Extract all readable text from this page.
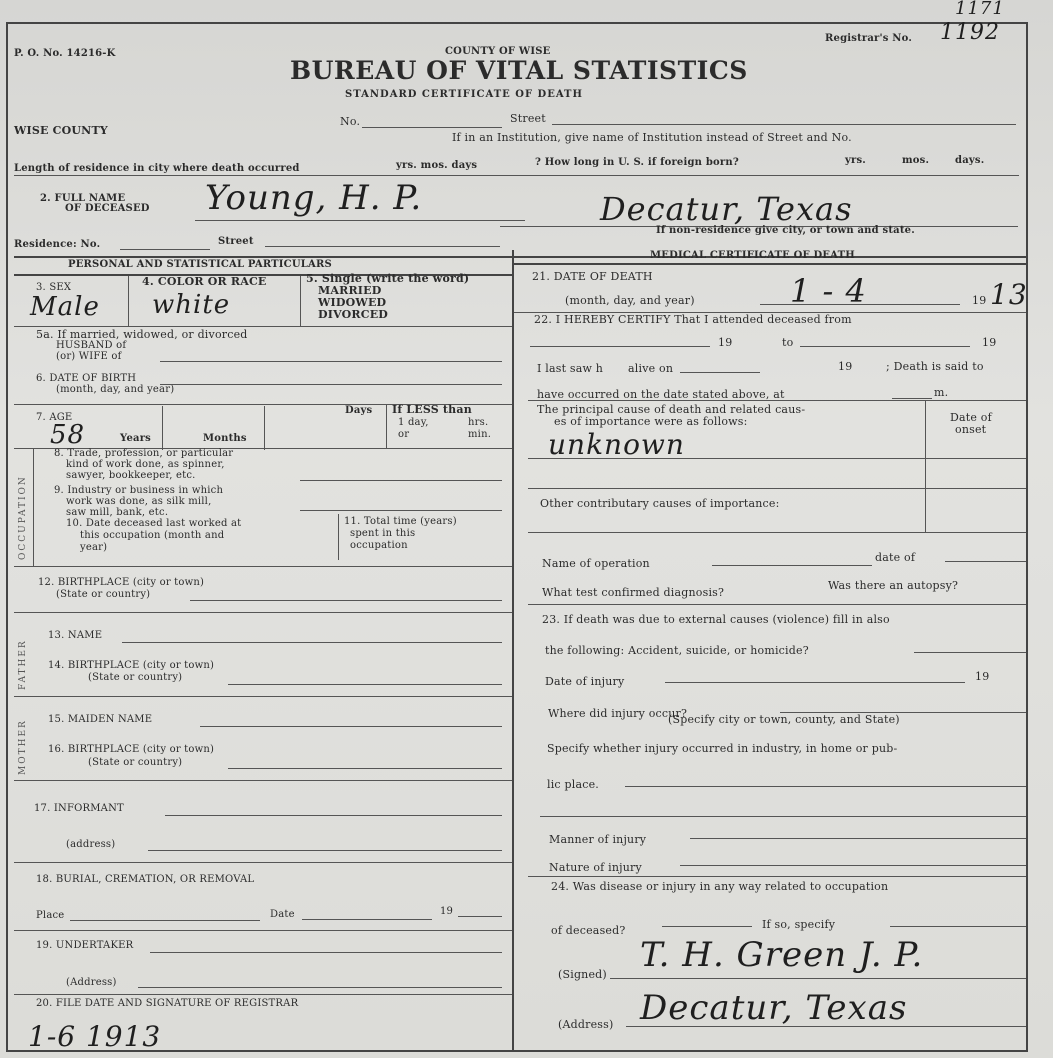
P. O. No. 14216-K
1171
Registrar's No. 1192
COUNTY OF WISE
BUREAU OF VITAL STATISTICS
STANDARD CERTIFICATE OF DEATH
WISE COUNTY
No.	Street
If in an Institution, give name of Institution instead of Street and No.
Length of residence in city where death occurred	yrs. mos. days	? How long in U. S. if foreign born?	yrs.	mos.	days.
2. FULL NAME
OF DECEASED Young, H. P.	Decatur, Texas
Residence: No.	Street
If non-residence give city, or town and state.
PERSONAL AND STATISTICAL PARTICULARS
MEDICAL CERTIFICATE OF DEATH
3. SEX
Male
4. COLOR OR RACE
white
5. Single (write the word)
MARRIED
WIDOWED
DIVORCED
5a. If married, widowed, or divorced
HUSBAND of
(or) WIFE of
6. DATE OF BIRTH
(month, day, and year)
7. AGE
58	Years	Months
Days If LESS than
1 day,	hrs.
or	min.
OCCUPATION
8. Trade, profession, or particular
kind of work done, as spinner,
sawyer, bookkeeper, etc.
9. Industry or business in which
work was done, as silk mill,
saw mill, bank, etc.
10. Date deceased last worked at
this occupation (month and
year)
11. Total time (years)
spent in this
occupation
12. BIRTHPLACE (city or town)
(State or country)
FATHER
13. NAME
14. BIRTHPLACE (city or town)
(State or country)
MOTHER 15. MAIDEN NAME
16. BIRTHPLACE (city or town)
(State or country)
17. INFORMANT
(address)
18. BURIAL, CREMATION, OR REMOVAL
Place	Date	19
19. UNDERTAKER
(Address)
20. FILE DATE AND SIGNATURE OF REGISTRAR
1-6 1913
21. DATE OF DEATH
(month, day, and year)	1 - 4	19 13
22. I HEREBY CERTIFY That I attended deceased from
19	to	19
I last saw h alive on	19	; Death is said to
have occurred on the date stated above, at	m.
The principal cause of death and related caus-
es of importance were as follows:	Date of
onset
unknown
Other contributary causes of importance:
Name of operation	date of
What test confirmed diagnosis?
Was there an autopsy?
23. If death was due to external causes (violence) fill in also
the following: Accident, suicide, or homicide?
Date of injury	19
Where did injury occur?
(Specify city or town, county, and State)
Specify whether injury occurred in industry, in home or pub-
lic place.
Manner of injury
Nature of injury
24. Was disease or injury in any way related to occupation
of deceased?	If so, specify
(Signed) T. H. Green J. P.
(Address) Decatur, Texas
